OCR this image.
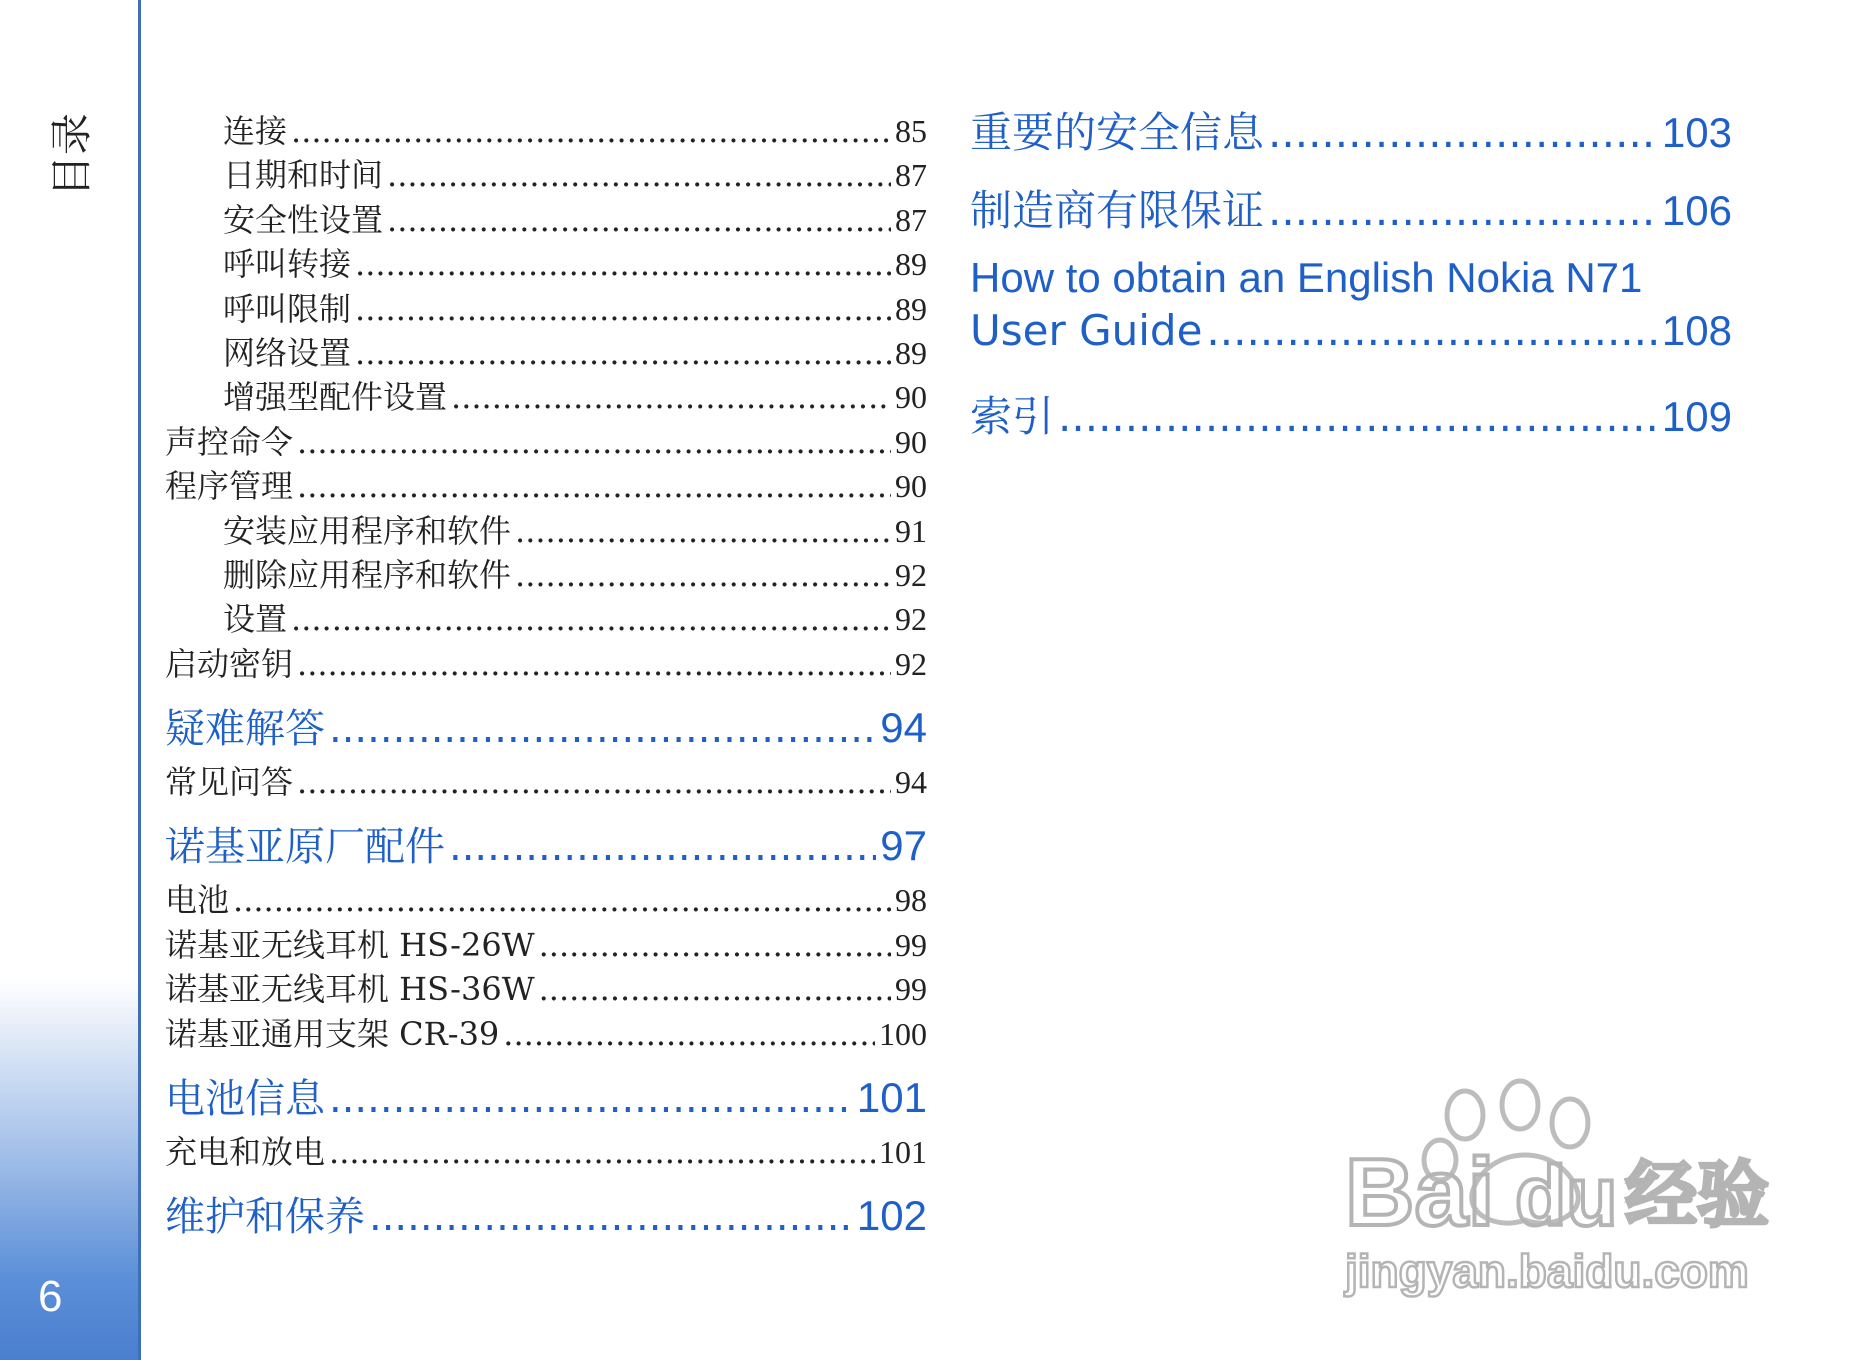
目录
6
连接 .....	85
日期和时间 .....	87
安全性设置 .....	87
呼叫转接 .....	89
呼叫限制 .....	89
网络设置 .....	89
增强型配件设置 .....	90
声控命令 .....	90
程序管理 .....	90
安装应用程序和软件 .....	91
删除应用程序和软件 .....	92
设置 .....	92
启动密钥 .....	92
疑难解答 .....	94
常见问答 .....	94
诺基亚原厂配件 .....	97
电池 .....	98
诺基亚无线耳机 HS-26W .....	99
诺基亚无线耳机 HS-36W .....	99
诺基亚通用支架 CR-39 .....	100
电池信息 .....	101
充电和放电 .....	101
维护和保养 .....	102
重要的安全信息 .....	103
制造商有限保证 .....	106
How to obtain an English Nokia N71
User Guide .....	108
索引 .....	109
Bai du 经验
jingyan.baidu.com
